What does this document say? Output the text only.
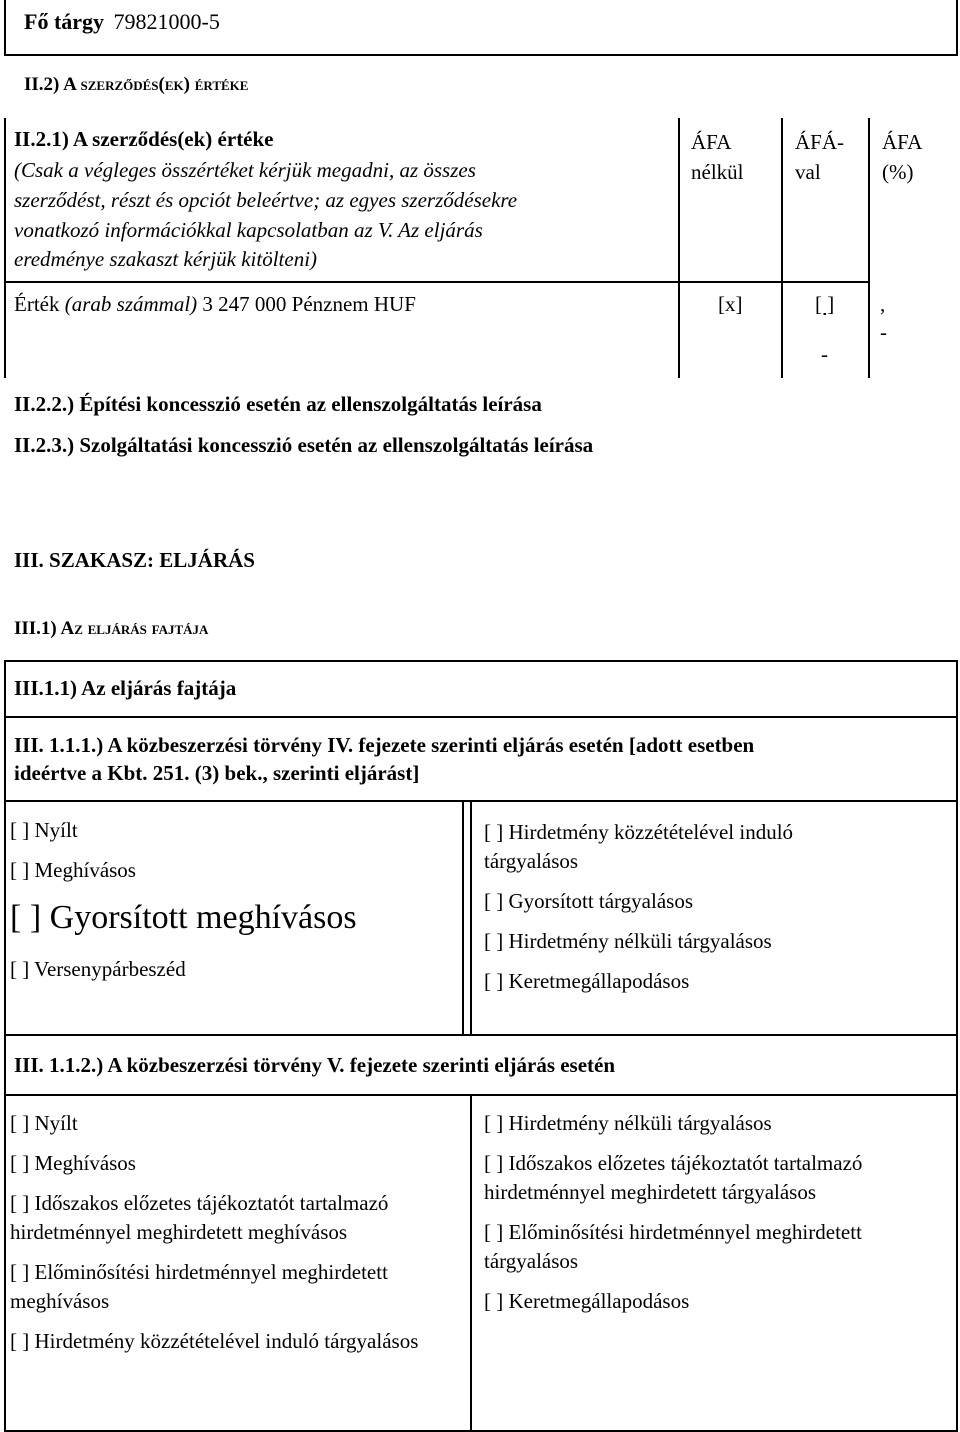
Fő tárgy 79821000-5
II.2) A szerződés(ek) értéke
II.2.1) A szerződés(ek) értéke
(Csak a végleges összértéket kérjük megadni, az összes
szerződést, részt és opciót beleértve; az egyes szerződésekre
vonatkozó információkkal kapcsolatban az V. Az eljárás
eredménye szakaszt kérjük kitölteni)
ÁFA
nélkül
ÁFÁ-
val
ÁFA
(%)
Érték (arab számmal) 3 247 000 Pénznem HUF	[x]	[ ]
-
,
-
II.2.2.) Építési koncesszió esetén az ellenszolgáltatás leírása
II.2.3.) Szolgáltatási koncesszió esetén az ellenszolgáltatás leírása
III. SZAKASZ: ELJÁRÁS
III.1) Az eljárás fajtája
III.1.1) Az eljárás fajtája
III. 1.1.1.) A közbeszerzési törvény IV. fejezete szerinti eljárás esetén [adott esetben
ideértve a Kbt. 251. (3) bek., szerinti eljárást]
[ ] Nyílt
[ ] Meghívásos
[ ] Gyorsított meghívásos
[ ] Versenypárbeszéd
[ ] Hirdetmény közzétételével induló tárgyalásos
[ ] Gyorsított tárgyalásos
[ ] Hirdetmény nélküli tárgyalásos
[ ] Keretmegállapodásos
III. 1.1.2.) A közbeszerzési törvény V. fejezete szerinti eljárás esetén
[ ] Nyílt
[ ] Meghívásos
[ ] Időszakos előzetes tájékoztatót tartalmazó hirdetménnyel meghirdetett meghívásos
[ ] Előminősítési hirdetménnyel meghirdetett meghívásos
[ ] Hirdetmény közzétételével induló tárgyalásos
[ ] Hirdetmény nélküli tárgyalásos
[ ] Időszakos előzetes tájékoztatót tartalmazó hirdetménnyel meghirdetett tárgyalásos
[ ] Előminősítési hirdetménnyel meghirdetett tárgyalásos
[ ] Keretmegállapodásos
